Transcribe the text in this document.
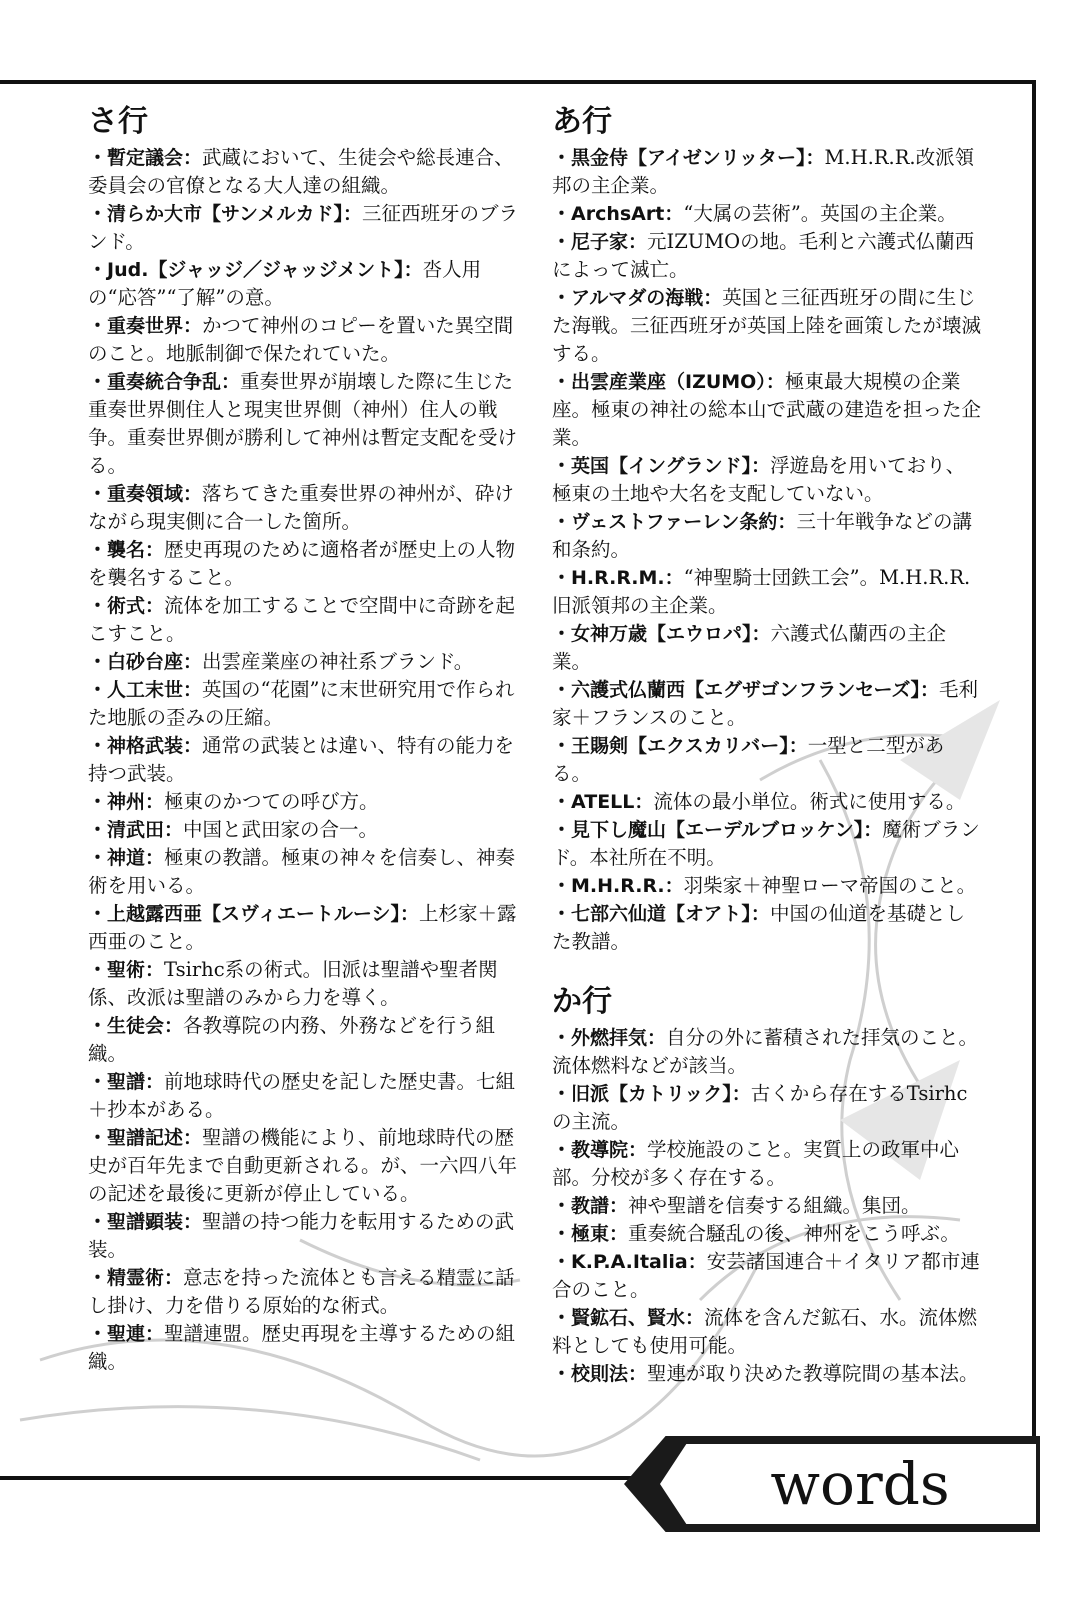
さ行

・暫定議会：武蔵において、生徒会や総長連合、委員会の官僚となる大人達の組織。

・清らか大市【サンメルカド】：三征西班牙のブランド。

・Jud.【ジャッジ／ジャッジメント】：呇人用の“応答”“了解”の意。

・重奏世界：かつて神州のコピーを置いた異空間のこと。地脈制御で保たれていた。

・重奏統合争乱：重奏世界が崩壊した際に生じた重奏世界側住人と現実世界側（神州）住人の戦争。重奏世界側が勝利して神州は暫定支配を受ける。

・重奏領域：落ちてきた重奏世界の神州が、砕けながら現実側に合一した箇所。

・襲名：歴史再現のために適格者が歴史上の人物を襲名すること。

・術式：流体を加工することで空間中に奇跡を起こすこと。

・白砂台座：出雲産業座の神社系ブランド。

・人工末世：英国の“花園”に末世研究用で作られた地脈の歪みの圧縮。

・神格武装：通常の武装とは違い、特有の能力を持つ武装。

・神州：極東のかつての呼び方。

・清武田：中国と武田家の合一。

・神道：極東の教譜。極東の神々を信奏し、神奏術を用いる。

・上越露西亜【スヴィエートルーシ】：上杉家＋露西亜のこと。

・聖術：Tsirhc系の術式。旧派は聖譜や聖者関係、改派は聖譜のみから力を導く。

・生徒会：各教導院の内務、外務などを行う組織。

・聖譜：前地球時代の歴史を記した歴史書。七組＋抄本がある。

・聖譜記述：聖譜の機能により、前地球時代の歴史が百年先まで自動更新される。が、一六四八年の記述を最後に更新が停止している。

・聖譜顕装：聖譜の持つ能力を転用するための武装。

・精霊術：意志を持った流体とも言える精霊に話し掛け、力を借りる原始的な術式。

・聖連：聖譜連盟。歴史再現を主導するための組織。

あ行

・黒金侍【アイゼンリッター】：M.H.R.R.改派領邦の主企業。

・ArchsArt：“大属の芸術”。英国の主企業。

・尼子家：元IZUMOの地。毛利と六護式仏蘭西によって滅亡。

・アルマダの海戦：英国と三征西班牙の間に生じた海戦。三征西班牙が英国上陸を画策したが壊滅する。

・出雲産業座（IZUMO）：極東最大規模の企業座。極東の神社の総本山で武蔵の建造を担った企業。

・英国【イングランド】：浮遊島を用いており、極東の土地や大名を支配していない。

・ヴェストファーレン条約：三十年戦争などの講和条約。

・H.R.R.M.：“神聖騎士団鉄工会”。M.H.R.R.旧派領邦の主企業。

・女神万歳【エウロパ】：六護式仏蘭西の主企業。

・六護式仏蘭西【エグザゴンフランセーズ】：毛利家＋フランスのこと。

・王賜剣【エクスカリバー】：一型と二型がある。

・ATELL：流体の最小単位。術式に使用する。

・見下し魔山【エーデルブロッケン】：魔術ブランド。本社所在不明。

・M.H.R.R.：羽柴家＋神聖ローマ帝国のこと。

・七部六仙道【オアト】：中国の仙道を基礎とした教譜。

か行

・外燃拝気：自分の外に蓄積された拝気のこと。流体燃料などが該当。

・旧派【カトリック】：古くから存在するTsirhcの主流。

・教導院：学校施設のこと。実質上の政軍中心部。分校が多く存在する。

・教譜：神や聖譜を信奏する組織。集団。

・極東：重奏統合騒乱の後、神州をこう呼ぶ。

・K.P.A.Italia：安芸諸国連合＋イタリア都市連合のこと。

・賢鉱石、賢水：流体を含んだ鉱石、水。流体燃料としても使用可能。

・校則法：聖連が取り決めた教導院間の基本法。

words
